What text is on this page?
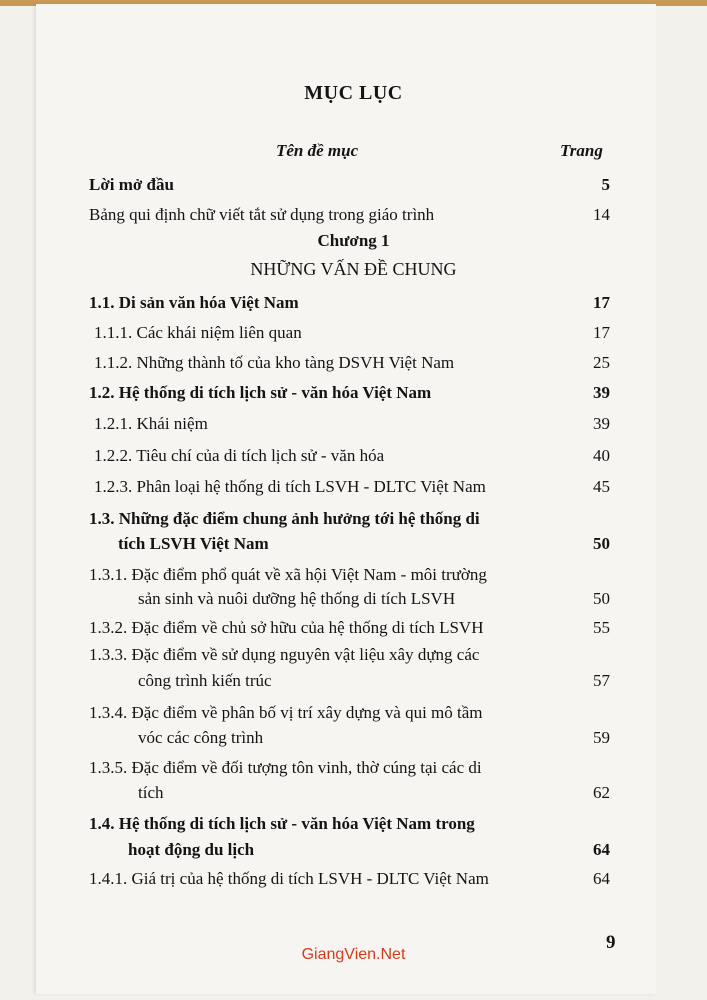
MỤC LỤC
Tên đề mục	Trang
Lời mở đầu	5
Bảng qui định chữ viết tắt sử dụng trong giáo trình	14
Chương 1
NHỮNG VẤN ĐỀ CHUNG
1.1. Di sản văn hóa Việt Nam	17
1.1.1. Các khái niệm liên quan	17
1.1.2. Những thành tố của kho tàng DSVH Việt Nam	25
1.2. Hệ thống di tích lịch sử - văn hóa Việt Nam	39
1.2.1. Khái niệm	39
1.2.2. Tiêu chí của di tích lịch sử - văn hóa	40
1.2.3. Phân loại hệ thống di tích LSVH - DLTC Việt Nam	45
1.3. Những đặc điểm chung ảnh hưởng tới hệ thống di
tích LSVH Việt Nam	50
1.3.1. Đặc điểm phổ quát về xã hội Việt Nam - môi trường
sản sinh và nuôi dưỡng hệ thống di tích LSVH	50
1.3.2. Đặc điểm về chủ sở hữu của hệ thống di tích LSVH	55
1.3.3. Đặc điểm về sử dụng nguyên vật liệu xây dựng các
công trình kiến trúc	57
1.3.4. Đặc điểm về phân bố vị trí xây dựng và qui mô tầm
vóc các công trình	59
1.3.5. Đặc điểm về đối tượng tôn vinh, thờ cúng tại các di
tích	62
1.4. Hệ thống di tích lịch sử - văn hóa Việt Nam trong
hoạt động du lịch	64
1.4.1. Giá trị của hệ thống di tích LSVH - DLTC Việt Nam	64
9
GiangVien.Net
